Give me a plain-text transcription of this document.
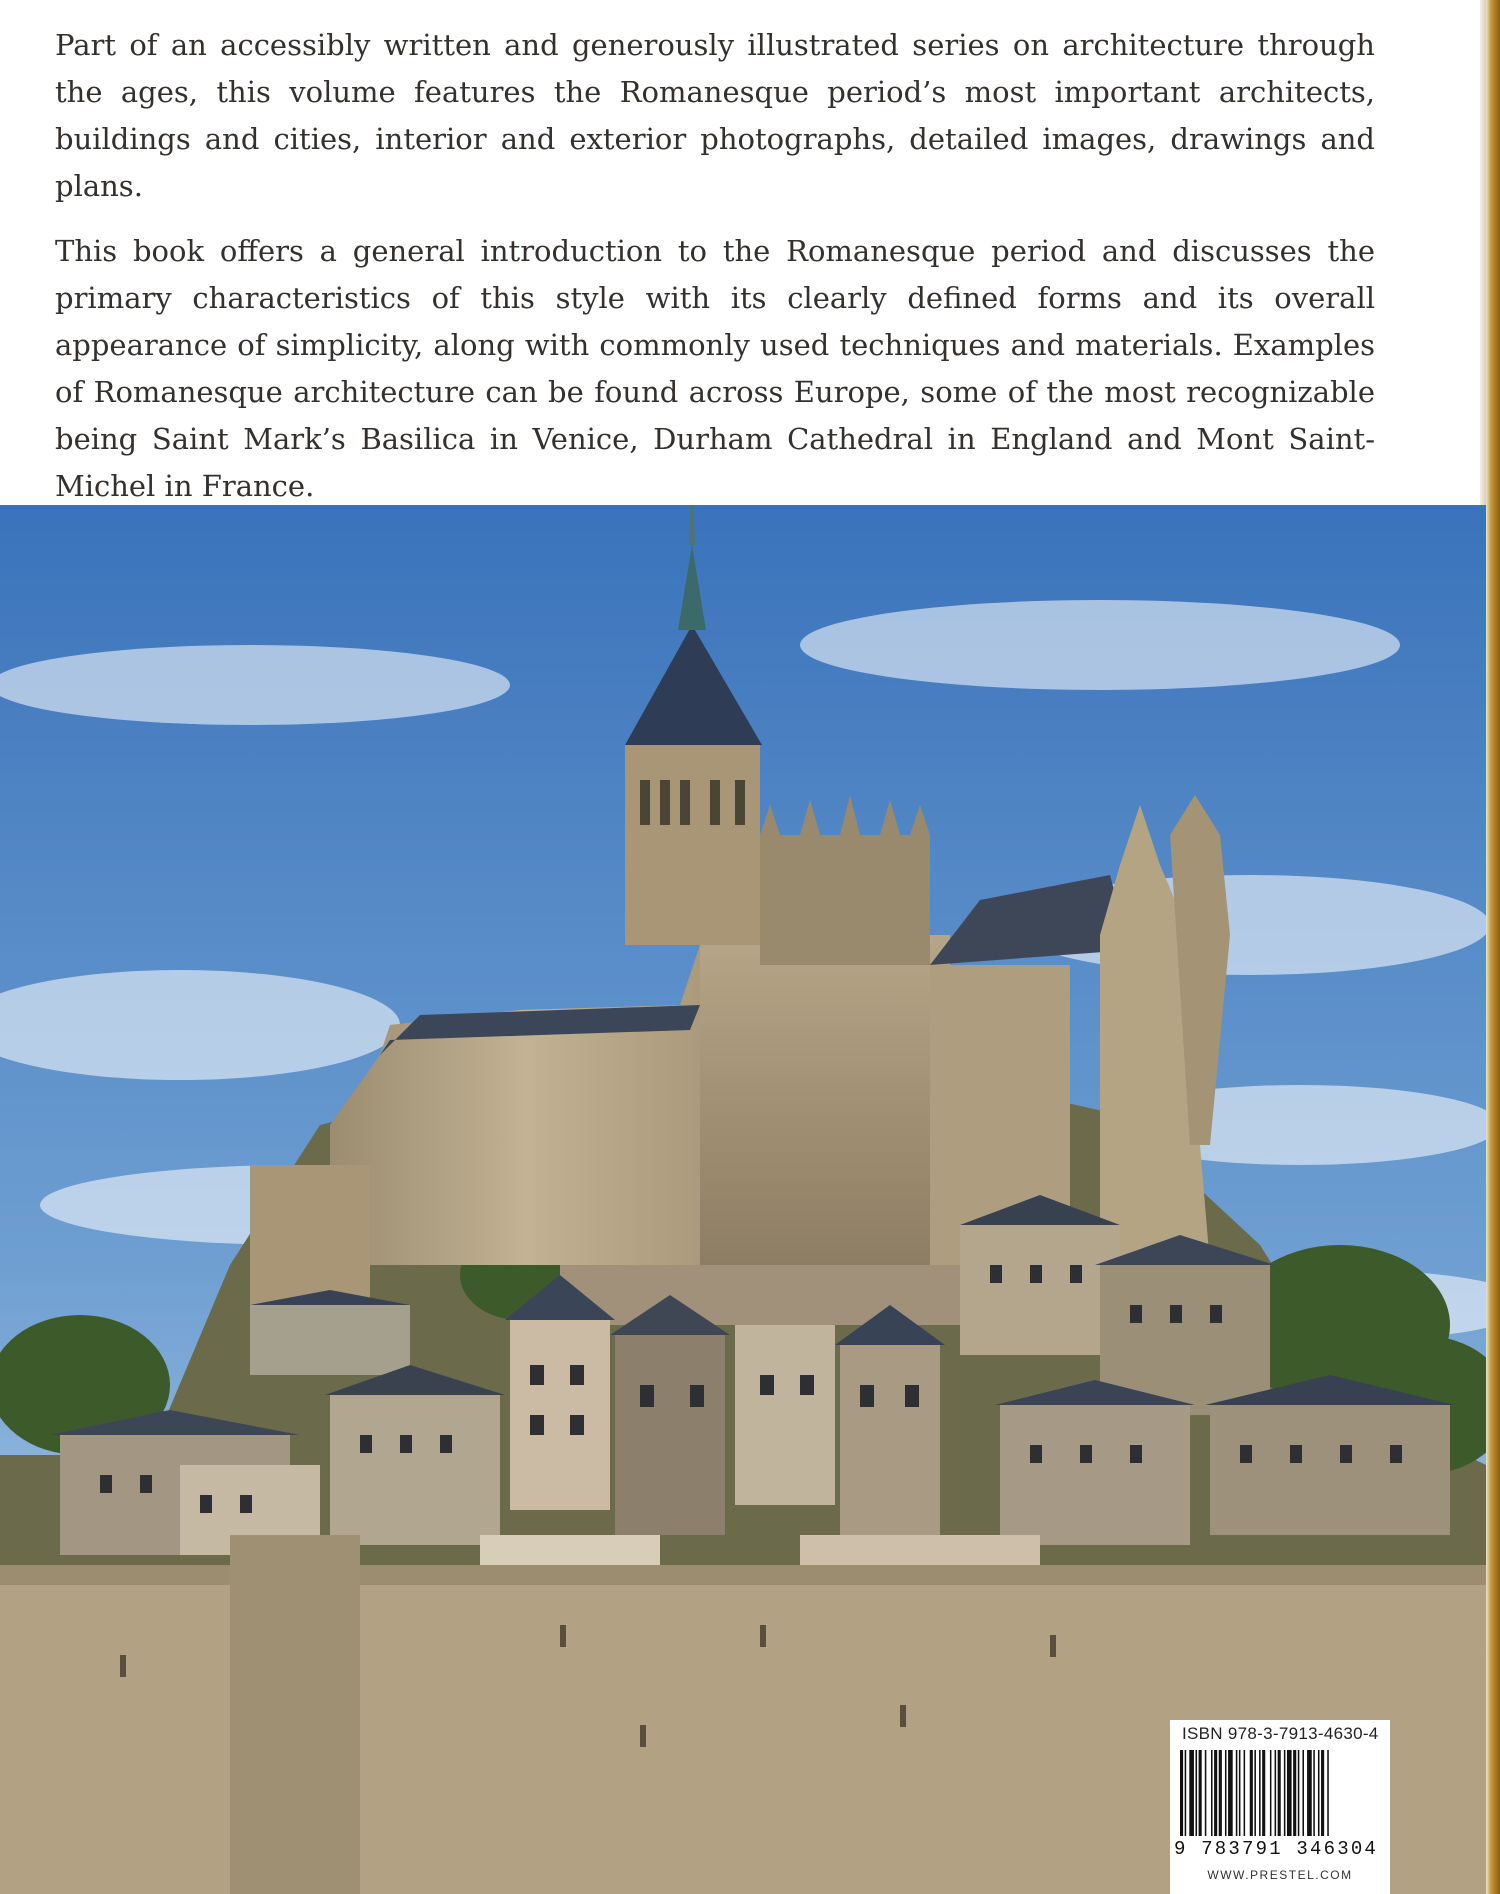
Part of an accessibly written and generously illustrated series on architecture through the ages, this volume features the Romanesque period’s most important architects, buildings and cities, interior and exterior photographs, detailed images, drawings and plans.

This book offers a general introduction to the Romanesque period and discusses the primary characteristics of this style with its clearly defined forms and its overall appearance of simplicity, along with commonly used techniques and materials. Examples of Romanesque architecture can be found across Europe, some of the most recognizable being Saint Mark’s Basilica in Venice, Durham Cathedral in England and Mont Saint-Michel in France.

ISBN 978-3-7913-4630-4
9 783791 346304
WWW.PRESTEL.COM
